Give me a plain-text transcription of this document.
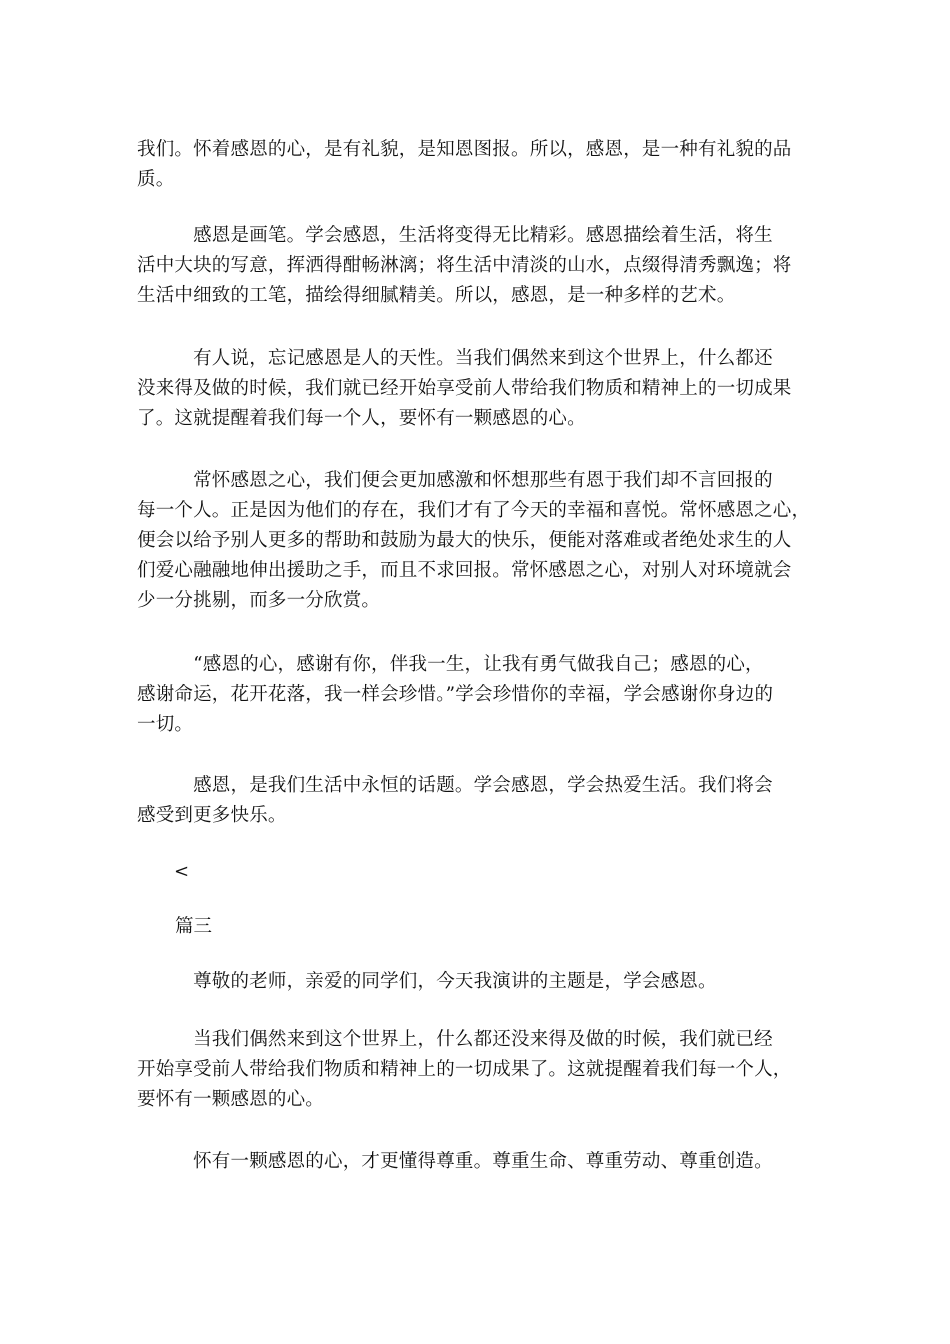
我们。怀着感恩的心，是有礼貌，是知恩图报。所以，感恩，是一种有礼貌的品
质。

　　　感恩是画笔。学会感恩，生活将变得无比精彩。感恩描绘着生活，将生
活中大块的写意，挥洒得酣畅淋漓；将生活中清淡的山水，点缀得清秀飘逸；将
生活中细致的工笔，描绘得细腻精美。所以，感恩，是一种多样的艺术。

　　　有人说，忘记感恩是人的天性。当我们偶然来到这个世界上，什么都还
没来得及做的时候，我们就已经开始享受前人带给我们物质和精神上的一切成果
了。这就提醒着我们每一个人，要怀有一颗感恩的心。

　　　常怀感恩之心，我们便会更加感激和怀想那些有恩于我们却不言回报的
每一个人。正是因为他们的存在，我们才有了今天的幸福和喜悦。常怀感恩之心，
便会以给予别人更多的帮助和鼓励为最大的快乐，便能对落难或者绝处求生的人
们爱心融融地伸出援助之手，而且不求回报。常怀感恩之心，对别人对环境就会
少一分挑剔，而多一分欣赏。

　　　“感恩的心，感谢有你，伴我一生，让我有勇气做我自己；感恩的心，
感谢命运，花开花落，我一样会珍惜。”学会珍惜你的幸福，学会感谢你身边的
一切。

　　　感恩，是我们生活中永恒的话题。学会感恩，学会热爱生活。我们将会
感受到更多快乐。

<

篇三

　　　尊敬的老师，亲爱的同学们，今天我演讲的主题是，学会感恩。

　　　当我们偶然来到这个世界上，什么都还没来得及做的时候，我们就已经
开始享受前人带给我们物质和精神上的一切成果了。这就提醒着我们每一个人，
要怀有一颗感恩的心。

　　　怀有一颗感恩的心，才更懂得尊重。尊重生命、尊重劳动、尊重创造。
